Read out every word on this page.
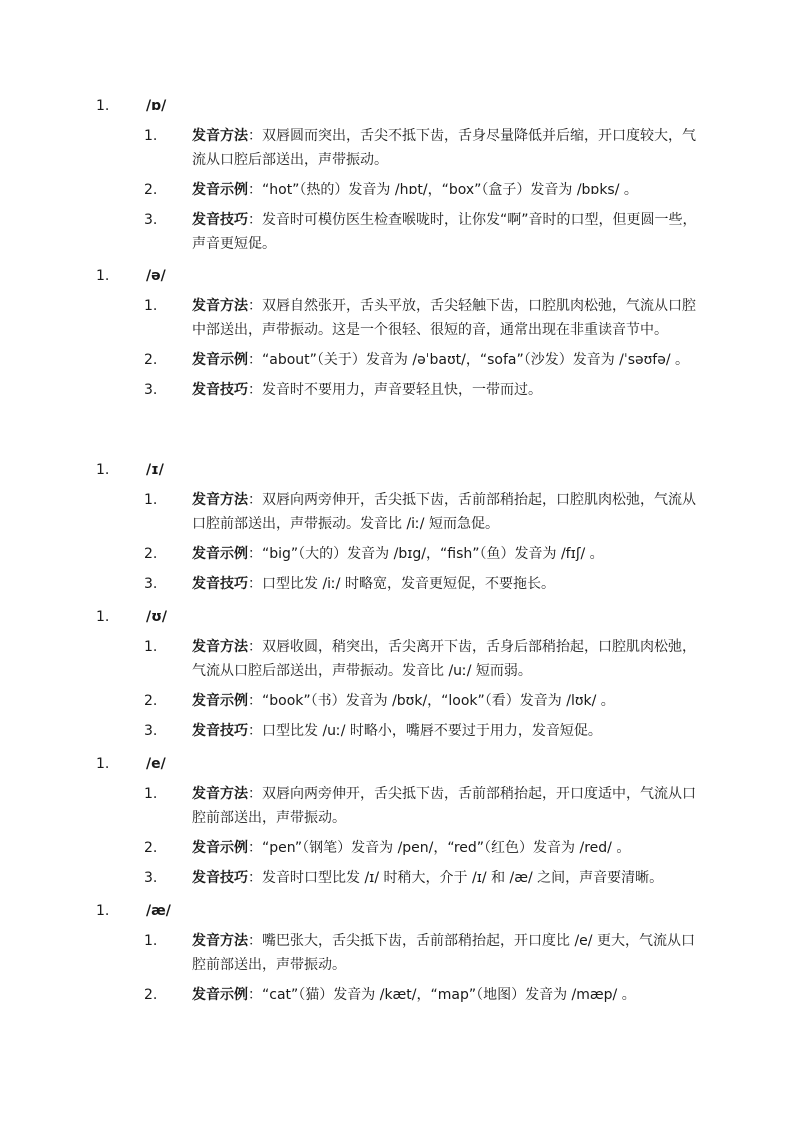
1.	/ɒ/
1. 发音方法：双唇圆而突出，舌尖不抵下齿，舌身尽量降低并后缩，开口度较大，气流从口腔后部送出，声带振动。
2. 发音示例：“hot”（热的）发音为 /hɒt/，“box”（盒子）发音为 /bɒks/ 。
3. 发音技巧：发音时可模仿医生检查喉咙时，让你发“啊”音时的口型，但更圆一些，声音更短促。
1.	/ə/
1. 发音方法：双唇自然张开，舌头平放，舌尖轻触下齿，口腔肌肉松弛，气流从口腔中部送出，声带振动。这是一个很轻、很短的音，通常出现在非重读音节中。
2. 发音示例：“about”（关于）发音为 /əˈbaʊt/，“sofa”（沙发）发音为 /ˈsəʊfə/ 。
3. 发音技巧：发音时不要用力，声音要轻且快，一带而过。
1.	/ɪ/
1. 发音方法：双唇向两旁伸开，舌尖抵下齿，舌前部稍抬起，口腔肌肉松弛，气流从口腔前部送出，声带振动。发音比 /iː/ 短而急促。
2. 发音示例：“big”（大的）发音为 /bɪg/，“fish”（鱼）发音为 /fɪʃ/ 。
3. 发音技巧：口型比发 /iː/ 时略宽，发音更短促，不要拖长。
1.	/ʊ/
1. 发音方法：双唇收圆，稍突出，舌尖离开下齿，舌身后部稍抬起，口腔肌肉松弛，气流从口腔后部送出，声带振动。发音比 /uː/ 短而弱。
2. 发音示例：“book”（书）发音为 /bʊk/，“look”（看）发音为 /lʊk/ 。
3. 发音技巧：口型比发 /uː/ 时略小，嘴唇不要过于用力，发音短促。
1.	/e/
1. 发音方法：双唇向两旁伸开，舌尖抵下齿，舌前部稍抬起，开口度适中，气流从口腔前部送出，声带振动。
2. 发音示例：“pen”（钢笔）发音为 /pen/，“red”（红色）发音为 /red/ 。
3. 发音技巧：发音时口型比发 /ɪ/ 时稍大，介于 /ɪ/ 和 /æ/ 之间，声音要清晰。
1.	/æ/
1. 发音方法：嘴巴张大，舌尖抵下齿，舌前部稍抬起，开口度比 /e/ 更大，气流从口腔前部送出，声带振动。
2. 发音示例：“cat”（猫）发音为 /kæt/，“map”（地图）发音为 /mæp/ 。
